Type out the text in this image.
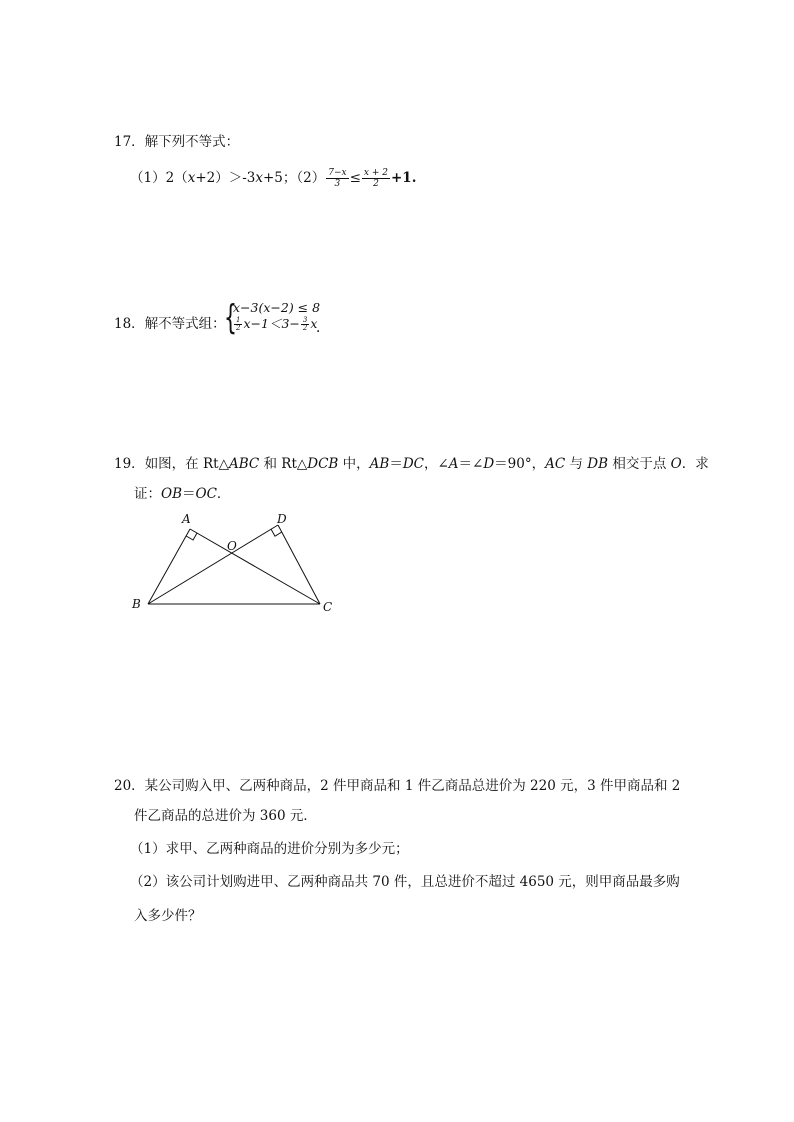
17．解下列不等式：
（1）2（x+2）＞-3x+5；$(2) \frac{7-x}{3} \le \frac{x + 2}{2} +1$.
18．解不等式组：
{
x−3(x−2) ≤ 8
$\frac{1}{2} x-1<3- \frac{3}{2}$ x
.
19．如图，在 Rt△ABC 和 Rt△DCB 中，AB＝DC，∠A＝∠D＝90°，AC 与 DB 相交于点 O．求
证：OB＝OC．
A	D
O
B	C
20．某公司购入甲、乙两种商品，2 件甲商品和 1 件乙商品总进价为 220 元，3 件甲商品和 2
件乙商品的总进价为 360 元．
（1）求甲、乙两种商品的进价分别为多少元；
（2）该公司计划购进甲、乙两种商品共 70 件，且总进价不超过 4650 元，则甲商品最多购
入多少件？
